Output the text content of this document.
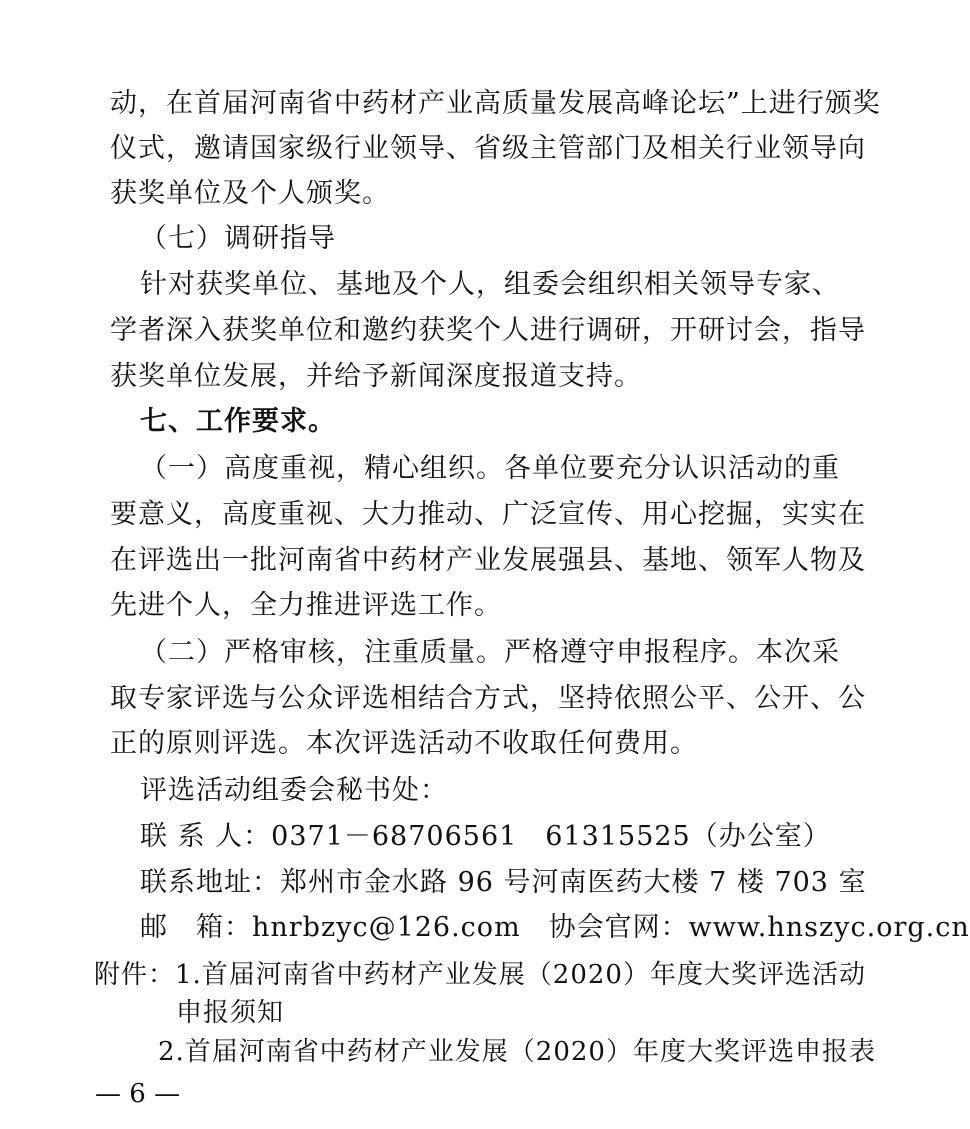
动，在首届河南省中药材产业高质量发展高峰论坛”上进行颁奖
仪式，邀请国家级行业领导、省级主管部门及相关行业领导向
获奖单位及个人颁奖。
（七）调研指导
针对获奖单位、基地及个人，组委会组织相关领导专家、
学者深入获奖单位和邀约获奖个人进行调研，开研讨会，指导
获奖单位发展，并给予新闻深度报道支持。
七、工作要求。
（一）高度重视，精心组织。各单位要充分认识活动的重
要意义，高度重视、大力推动、广泛宣传、用心挖掘，实实在
在评选出一批河南省中药材产业发展强县、基地、领军人物及
先进个人，全力推进评选工作。
（二）严格审核，注重质量。严格遵守申报程序。本次采
取专家评选与公众评选相结合方式，坚持依照公平、公开、公
正的原则评选。本次评选活动不收取任何费用。
评选活动组委会秘书处：
联 系 人：0371－68706561　61315525（办公室）
联系地址：郑州市金水路 96 号河南医药大楼 7 楼 703 室
邮　箱：hnrbzyc@126.com　协会官网：www.hnszyc.org.cn
附件：1.首届河南省中药材产业发展（2020）年度大奖评选活动
申报须知
2.首届河南省中药材产业发展（2020）年度大奖评选申报表
— 6 —
